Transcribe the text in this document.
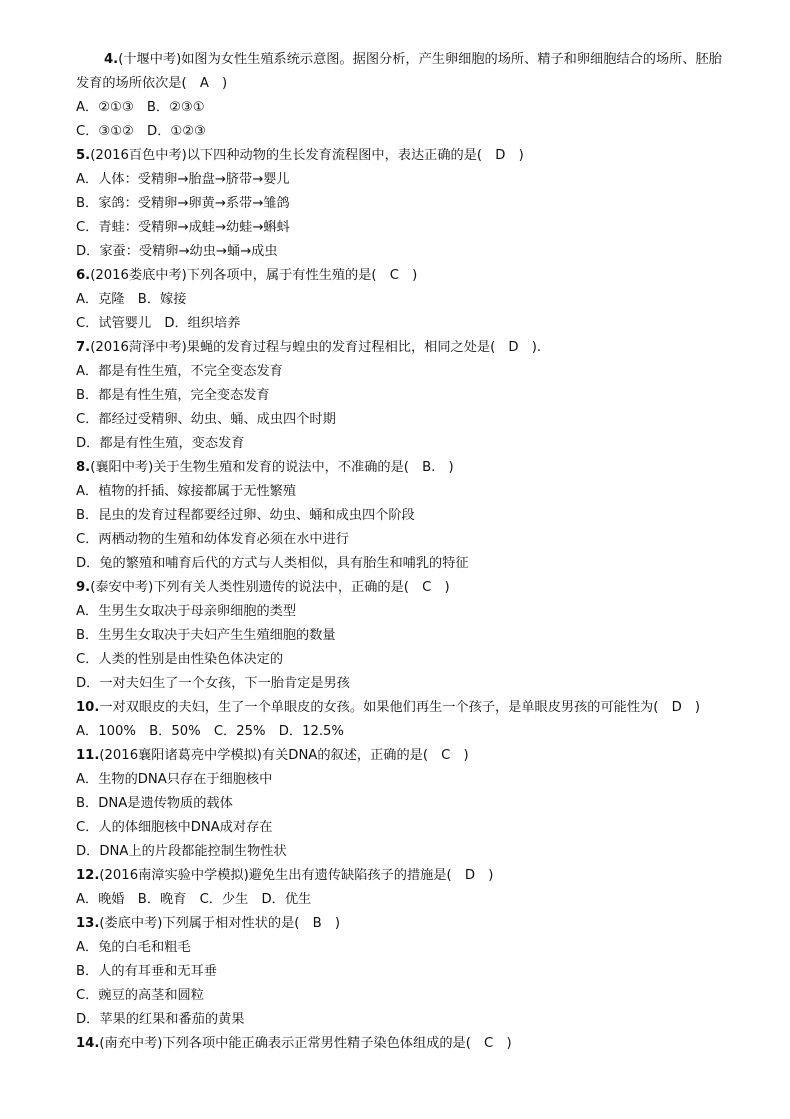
4.(十堰中考)如图为女性生殖系统示意图。据图分析，产生卵细胞的场所、精子和卵细胞结合的场所、胚胎
发育的场所依次是(　A　)
A．②①③　B．②③①
C．③①②　D．①②③
5.(2016百色中考)以下四种动物的生长发育流程图中，表达正确的是(　D　)
A．人体：受精卵→胎盘→脐带→婴儿
B．家鸽：受精卵→卵黄→系带→雏鸽
C．青蛙：受精卵→成蛙→幼蛙→蝌蚪
D．家蚕：受精卵→幼虫→蛹→成虫
6.(2016娄底中考)下列各项中，属于有性生殖的是(　C　)
A．克隆　B．嫁接
C．试管婴儿　D．组织培养
7.(2016菏泽中考)果蝇的发育过程与蝗虫的发育过程相比，相同之处是(　D　).
A．都是有性生殖，不完全变态发育
B．都是有性生殖，完全变态发育
C．都经过受精卵、幼虫、蛹、成虫四个时期
D．都是有性生殖，变态发育
8.(襄阳中考)关于生物生殖和发育的说法中，不准确的是(　B.　)
A．植物的扦插、嫁接都属于无性繁殖
B．昆虫的发育过程都要经过卵、幼虫、蛹和成虫四个阶段
C．两栖动物的生殖和幼体发育必须在水中进行
D．兔的繁殖和哺育后代的方式与人类相似，具有胎生和哺乳的特征
9.(泰安中考)下列有关人类性别遗传的说法中，正确的是(　C　)
A．生男生女取决于母亲卵细胞的类型
B．生男生女取决于夫妇产生生殖细胞的数量
C．人类的性别是由性染色体决定的
D．一对夫妇生了一个女孩，下一胎肯定是男孩
10.一对双眼皮的夫妇，生了一个单眼皮的女孩。如果他们再生一个孩子，是单眼皮男孩的可能性为(　D　)
A．100%　B．50%　C．25%　D．12.5%
11.(2016襄阳诸葛亮中学模拟)有关DNA的叙述，正确的是(　C　)
A．生物的DNA只存在于细胞核中
B．DNA是遗传物质的载体
C．人的体细胞核中DNA成对存在
D．DNA上的片段都能控制生物性状
12.(2016南漳实验中学模拟)避免生出有遗传缺陷孩子的措施是(　D　)
A．晚婚　B．晚育　C．少生　D．优生
13.(娄底中考)下列属于相对性状的是(　B　)
A．兔的白毛和粗毛
B．人的有耳垂和无耳垂
C．豌豆的高茎和圆粒
D．苹果的红果和番茄的黄果
14.(南充中考)下列各项中能正确表示正常男性精子染色体组成的是(　C　)
